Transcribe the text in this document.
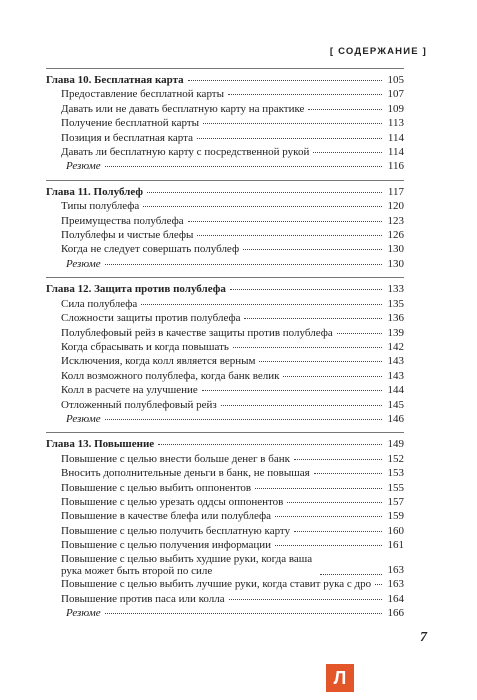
[ СОДЕРЖАНИЕ ]
Глава 10. Бесплатная карта	105
Предоставление бесплатной карты	107
Давать или не давать бесплатную карту на практике	109
Получение бесплатной карты	113
Позиция и бесплатная карта	114
Давать ли бесплатную карту с посредственной рукой	114
Резюме	116
Глава 11. Полублеф	117
Типы полублефа	120
Преимущества полублефа	123
Полублефы и чистые блефы	126
Когда не следует совершать полублеф	130
Резюме	130
Глава 12. Защита против полублефа	133
Сила полублефа	135
Сложности защиты против полублефа	136
Полублефовый рейз в качестве защиты против полублефа	139
Когда сбрасывать и когда повышать	142
Исключения, когда колл является верным	143
Колл возможного полублефа, когда банк велик	143
Колл в расчете на улучшение	144
Отложенный полублефовый рейз	145
Резюме	146
Глава 13. Повышение	149
Повышение с целью внести больше денег в банк	152
Вносить дополнительные деньги в банк, не повышая	153
Повышение с целью выбить оппонентов	155
Повышение с целью урезать оддсы оппонентов	157
Повышение в качестве блефа или полублефа	159
Повышение с целью получить бесплатную карту	160
Повышение с целью получения информации	161
Повышение с целью выбить худшие руки, когда ваша рука может быть второй по силе	163
Повышение с целью выбить лучшие руки, когда ставит рука с дро 163
Повышение против паса или колла	164
Резюме	166
7
Л
